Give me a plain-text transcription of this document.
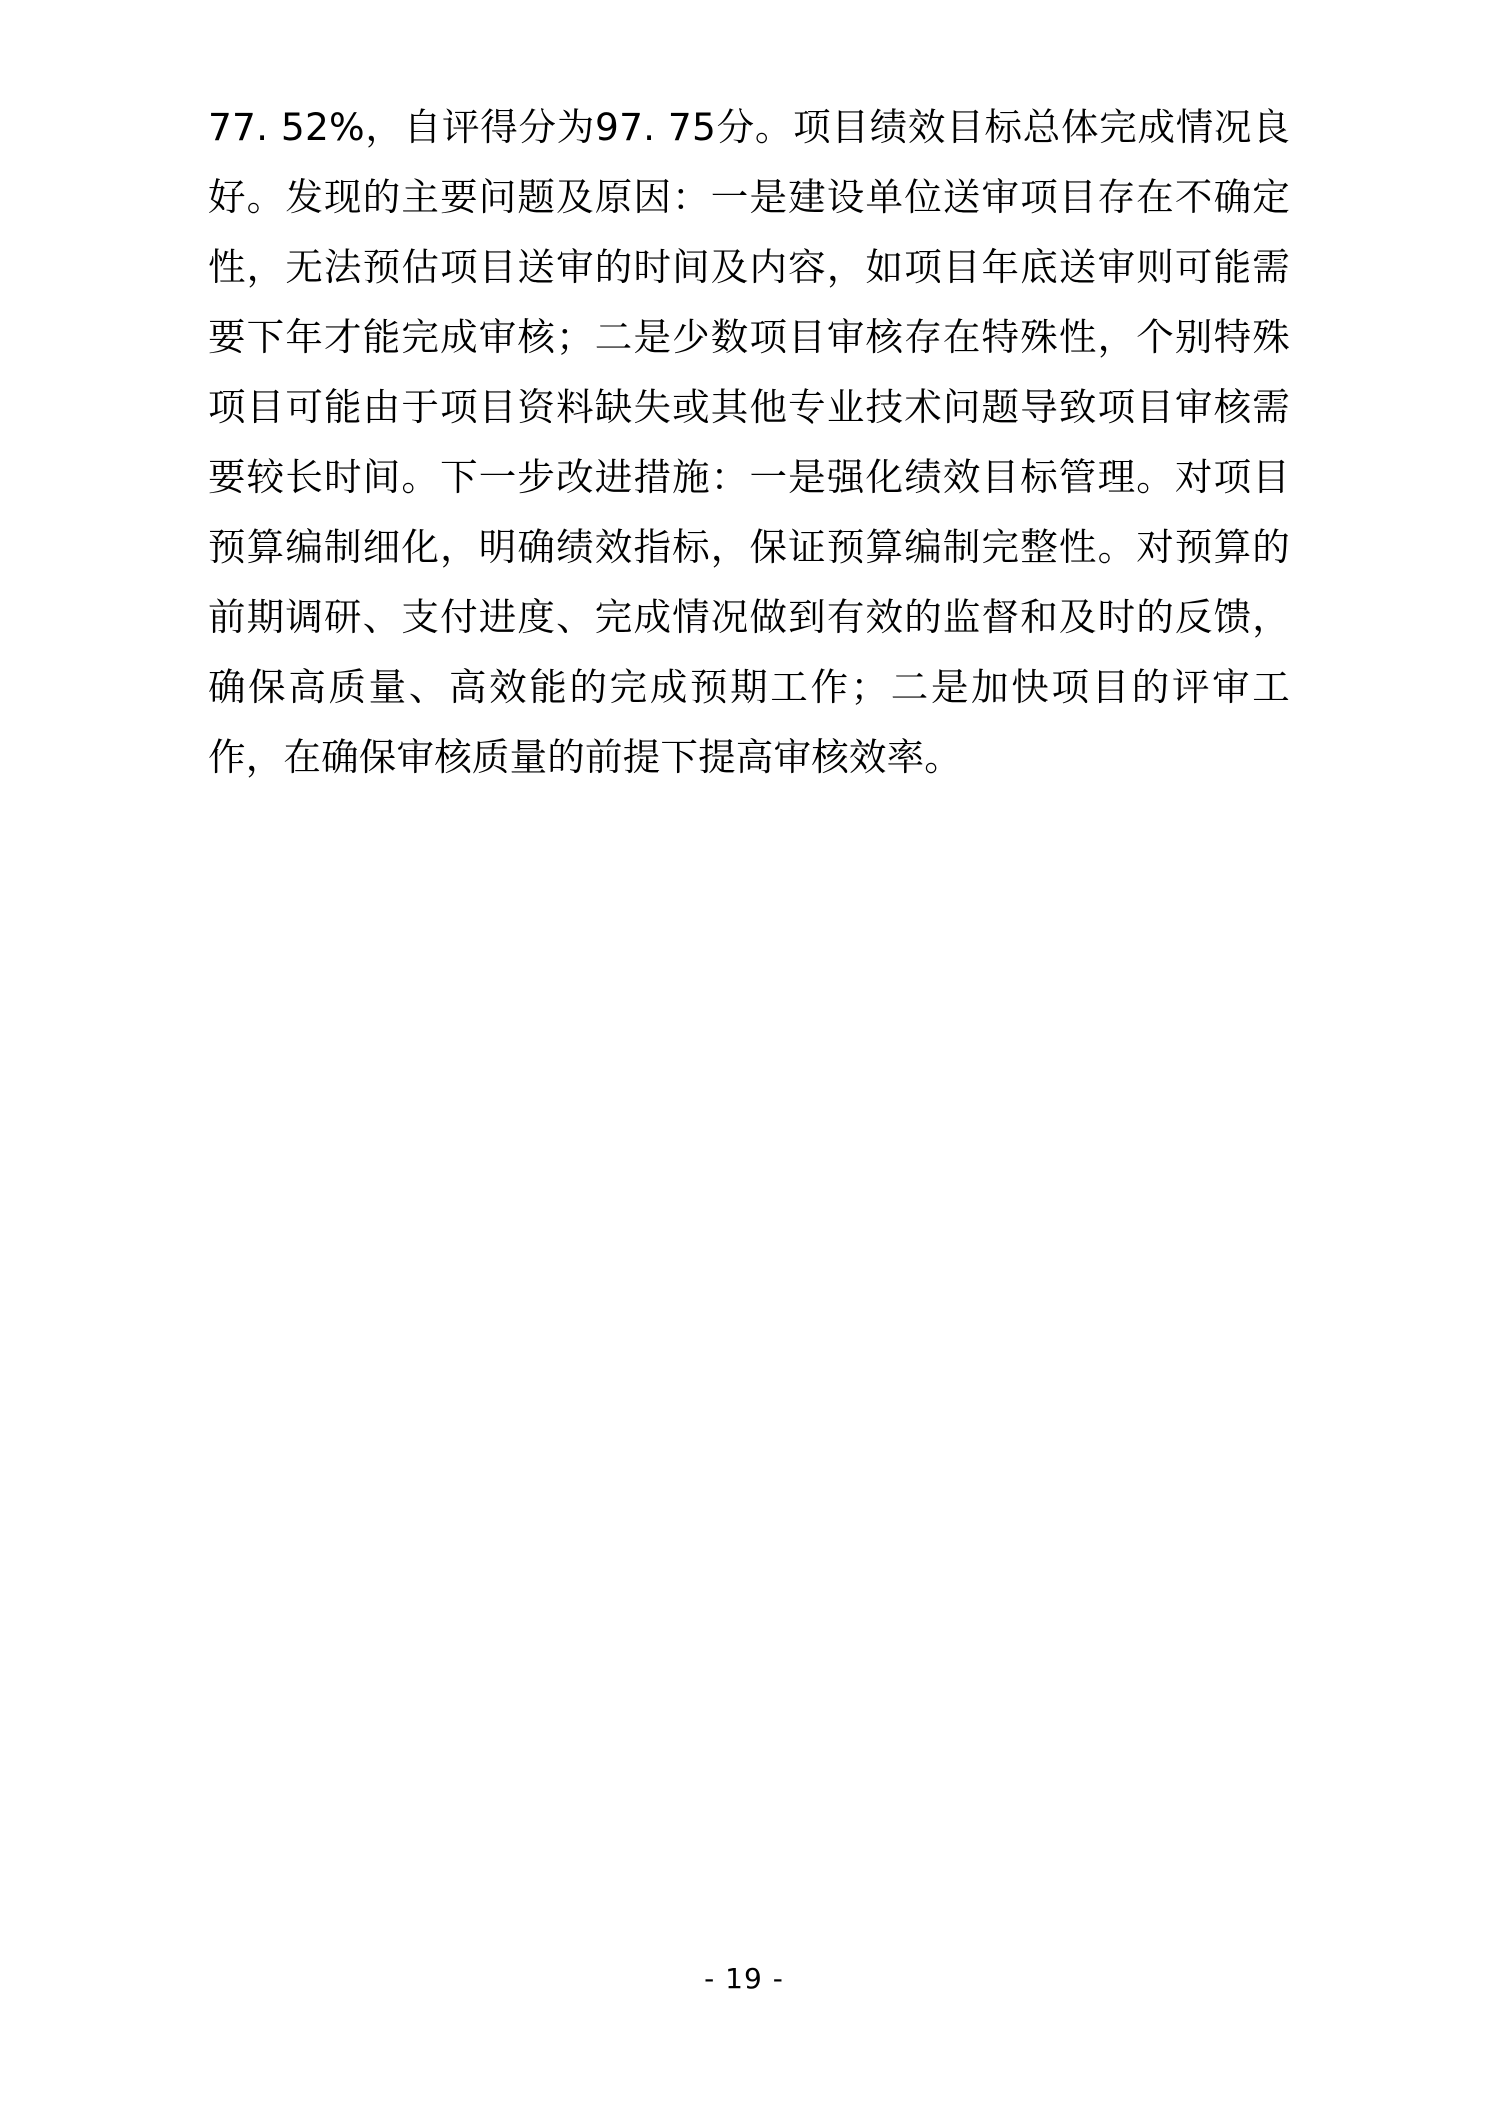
77. 52%，自评得分为97. 75分。项目绩效目标总体完成情况良好。发现的主要问题及原因：一是建设单位送审项目存在不确定性，无法预估项目送审的时间及内容，如项目年底送审则可能需要下年才能完成审核；二是少数项目审核存在特殊性，个别特殊项目可能由于项目资料缺失或其他专业技术问题导致项目审核需要较长时间。下一步改进措施：一是强化绩效目标管理。对项目预算编制细化，明确绩效指标，保证预算编制完整性。对预算的前期调研、支付进度、完成情况做到有效的监督和及时的反馈，确保高质量、高效能的完成预期工作；二是加快项目的评审工作，在确保审核质量的前提下提高审核效率。
- 19 -
